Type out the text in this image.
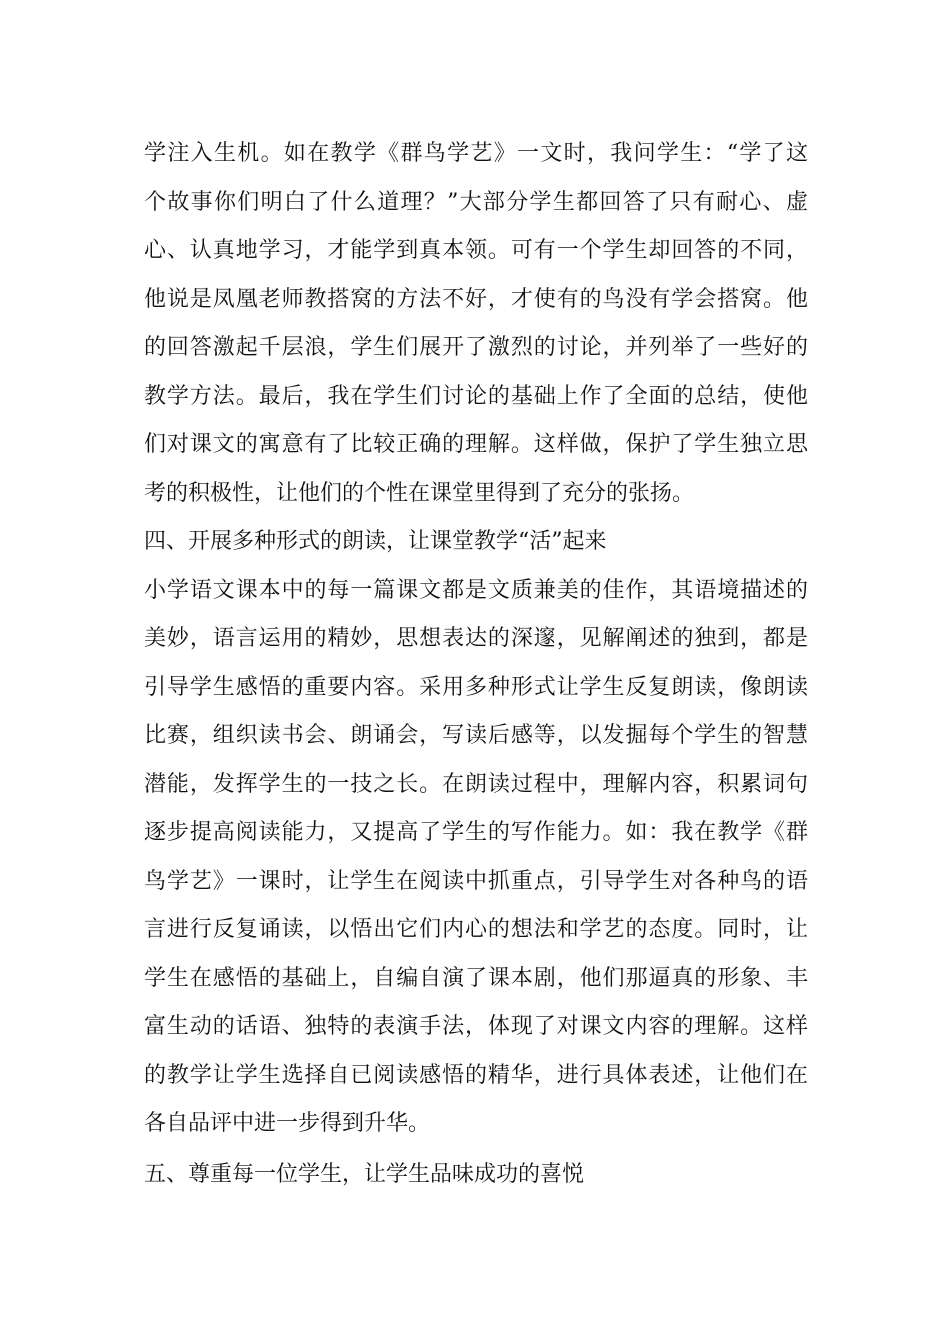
学注入生机。如在教学《群鸟学艺》一文时，我问学生：“学了这
个故事你们明白了什么道理？”大部分学生都回答了只有耐心、虚
心、认真地学习，才能学到真本领。可有一个学生却回答的不同，
他说是凤凰老师教搭窝的方法不好，才使有的鸟没有学会搭窝。他
的回答激起千层浪，学生们展开了激烈的讨论，并列举了一些好的
教学方法。最后，我在学生们讨论的基础上作了全面的总结，使他
们对课文的寓意有了比较正确的理解。这样做，保护了学生独立思
考的积极性，让他们的个性在课堂里得到了充分的张扬。
四、开展多种形式的朗读，让课堂教学“活”起来
小学语文课本中的每一篇课文都是文质兼美的佳作，其语境描述的
美妙，语言运用的精妙，思想表达的深邃，见解阐述的独到，都是
引导学生感悟的重要内容。采用多种形式让学生反复朗读，像朗读
比赛，组织读书会、朗诵会，写读后感等，以发掘每个学生的智慧
潜能，发挥学生的一技之长。在朗读过程中，理解内容，积累词句
逐步提高阅读能力，又提高了学生的写作能力。如：我在教学《群
鸟学艺》一课时，让学生在阅读中抓重点，引导学生对各种鸟的语
言进行反复诵读，以悟出它们内心的想法和学艺的态度。同时，让
学生在感悟的基础上，自编自演了课本剧，他们那逼真的形象、丰
富生动的话语、独特的表演手法，体现了对课文内容的理解。这样
的教学让学生选择自已阅读感悟的精华，进行具体表述，让他们在
各自品评中进一步得到升华。
五、尊重每一位学生，让学生品味成功的喜悦
